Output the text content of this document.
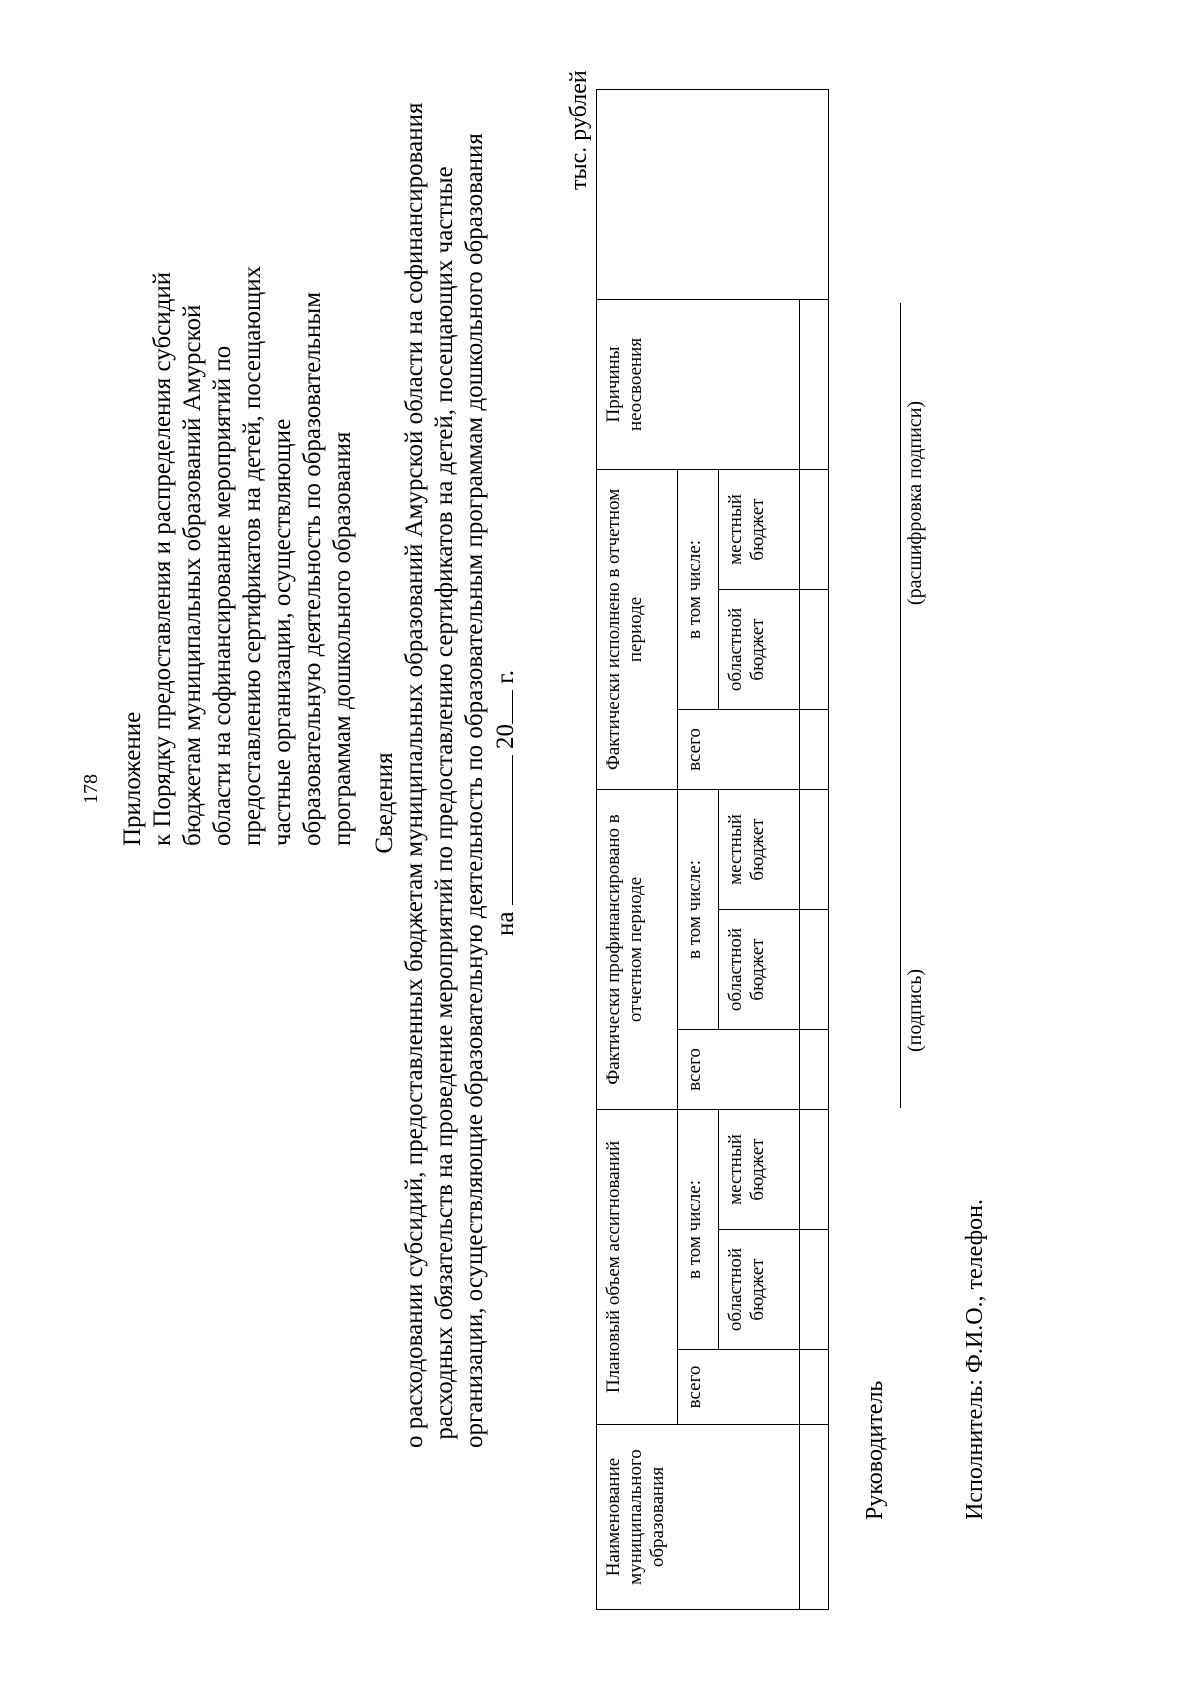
178 Приложение к Порядку предоставления и распределения субсидий бюджетам муниципальных образований Амурской области на софинансирование мероприятий по предоставлению сертификатов на детей, посещающих частные организации, осуществляющие образовательную деятельность по образовательным программам дошкольного образования Сведения о расходовании субсидий, предоставленных бюджетам муниципальных образований Амурской области на софинансирования расходных обязательств на проведение мероприятий по предоставлению сертификатов на детей, посещающих частные организации, осуществляющие образовательную деятельность по образовательным программам дошкольного образования на  20 г.
тыс. рублей
Наименование муниципального образования	Плановый объем ассигнований			Фактически профинансировано в отчетном периоде			Фактически исполнено в отчетном периоде			Причины неосвоения	
	всего	в том числе:		всего	в том числе:		всего	в том числе:			
		областной бюджет	местный бюджет		областной бюджет	местный бюджет		областной бюджет	местный бюджет		

Руководитель
(подпись)
(расшифровка подписи)
Исполнитель: Ф.И.О., телефон.
